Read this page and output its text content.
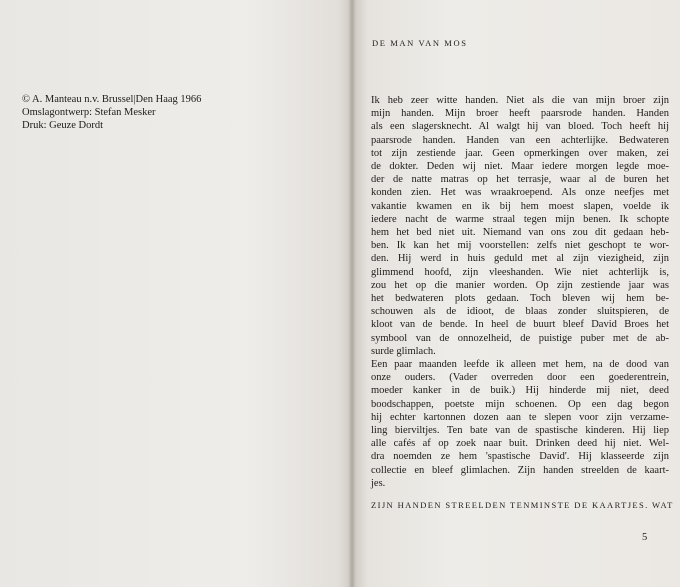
© A. Manteau n.v. Brussel|Den Haag 1966
Omslagontwerp: Stefan Mesker
Druk: Geuze Dordt
DE MAN VAN MOS
Ik heb zeer witte handen. Niet als die van mijn broer zijn
mijn handen. Mijn broer heeft paarsrode handen. Handen
als een slagersknecht. Al walgt hij van bloed. Toch heeft hij
paarsrode handen. Handen van een achterlijke. Bedwateren
tot zijn zestiende jaar. Geen opmerkingen over maken, zei
de dokter. Deden wij niet. Maar iedere morgen legde moe-
der de natte matras op het terrasje, waar al de buren het
konden zien. Het was wraakroepend. Als onze neefjes met
vakantie kwamen en ik bij hem moest slapen, voelde ik
iedere nacht de warme straal tegen mijn benen. Ik schopte
hem het bed niet uit. Niemand van ons zou dit gedaan heb-
ben. Ik kan het mij voorstellen: zelfs niet geschopt te wor-
den. Hij werd in huis geduld met al zijn viezigheid, zijn
glimmend hoofd, zijn vleeshanden. Wie niet achterlijk is,
zou het op die manier worden. Op zijn zestiende jaar was
het bedwateren plots gedaan. Toch bleven wij hem be-
schouwen als de idioot, de blaas zonder sluitspieren, de
kloot van de bende. In heel de buurt bleef David Broes het
symbool van de onnozelheid, de puistige puber met de ab-
surde glimlach.
Een paar maanden leefde ik alleen met hem, na de dood van
onze ouders. (Vader overreden door een goederentrein,
moeder kanker in de buik.) Hij hinderde mij niet, deed
boodschappen, poetste mijn schoenen. Op een dag begon
hij echter kartonnen dozen aan te slepen voor zijn verzame-
ling bierviltjes. Ten bate van de spastische kinderen. Hij liep
alle cafés af op zoek naar buit. Drinken deed hij niet. Wel-
dra noemden ze hem 'spastische David'. Hij klasseerde zijn
collectie en bleef glimlachen. Zijn handen streelden de kaart-
jes.
ZIJN HANDEN STREELDEN TENMINSTE DE KAARTJES. WAT
5
